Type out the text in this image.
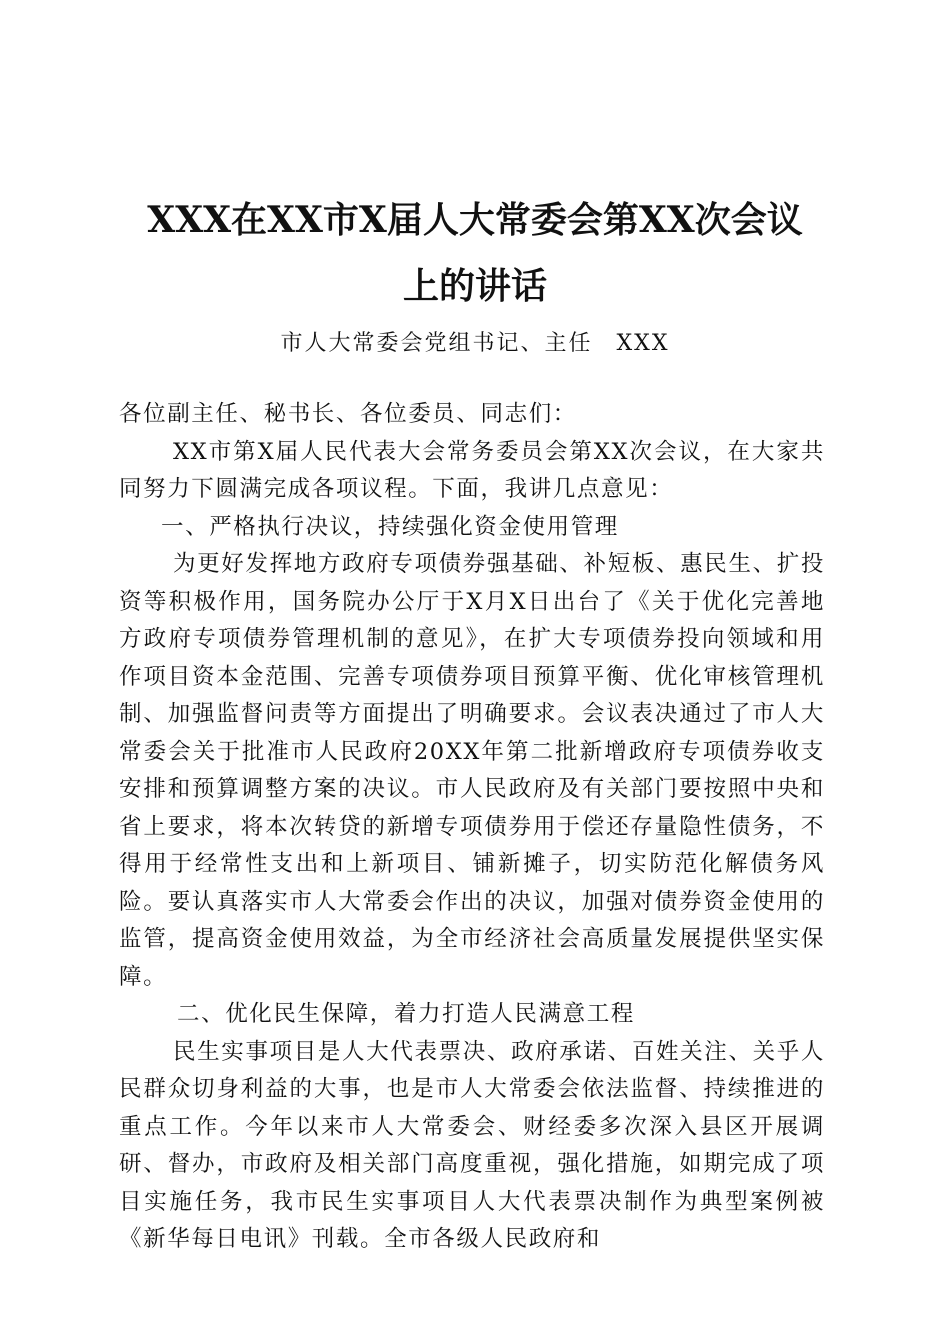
XXX在XX市X届人大常委会第XX次会议
上的讲话
市人大常委会党组书记、主任　XXX

各位副主任、秘书长、各位委员、同志们：

XX市第X届人民代表大会常务委员会第XX次会议，在大家共同努力下圆满完成各项议程。下面，我讲几点意见：

一、严格执行决议，持续强化资金使用管理

为更好发挥地方政府专项债券强基础、补短板、惠民生、扩投资等积极作用，国务院办公厅于X月X日出台了《关于优化完善地方政府专项债券管理机制的意见》，在扩大专项债券投向领域和用作项目资本金范围、完善专项债券项目预算平衡、优化审核管理机制、加强监督问责等方面提出了明确要求。会议表决通过了市人大常委会关于批准市人民政府20XX年第二批新增政府专项债券收支安排和预算调整方案的决议。市人民政府及有关部门要按照中央和省上要求，将本次转贷的新增专项债券用于偿还存量隐性债务，不得用于经常性支出和上新项目、铺新摊子，切实防范化解债务风险。要认真落实市人大常委会作出的决议，加强对债券资金使用的监管，提高资金使用效益，为全市经济社会高质量发展提供坚实保障。

二、优化民生保障，着力打造人民满意工程

民生实事项目是人大代表票决、政府承诺、百姓关注、关乎人民群众切身利益的大事，也是市人大常委会依法监督、持续推进的重点工作。今年以来市人大常委会、财经委多次深入县区开展调研、督办，市政府及相关部门高度重视，强化措施，如期完成了项目实施任务，我市民生实事项目人大代表票决制作为典型案例被《新华每日电讯》刊载。全市各级人民政府和
